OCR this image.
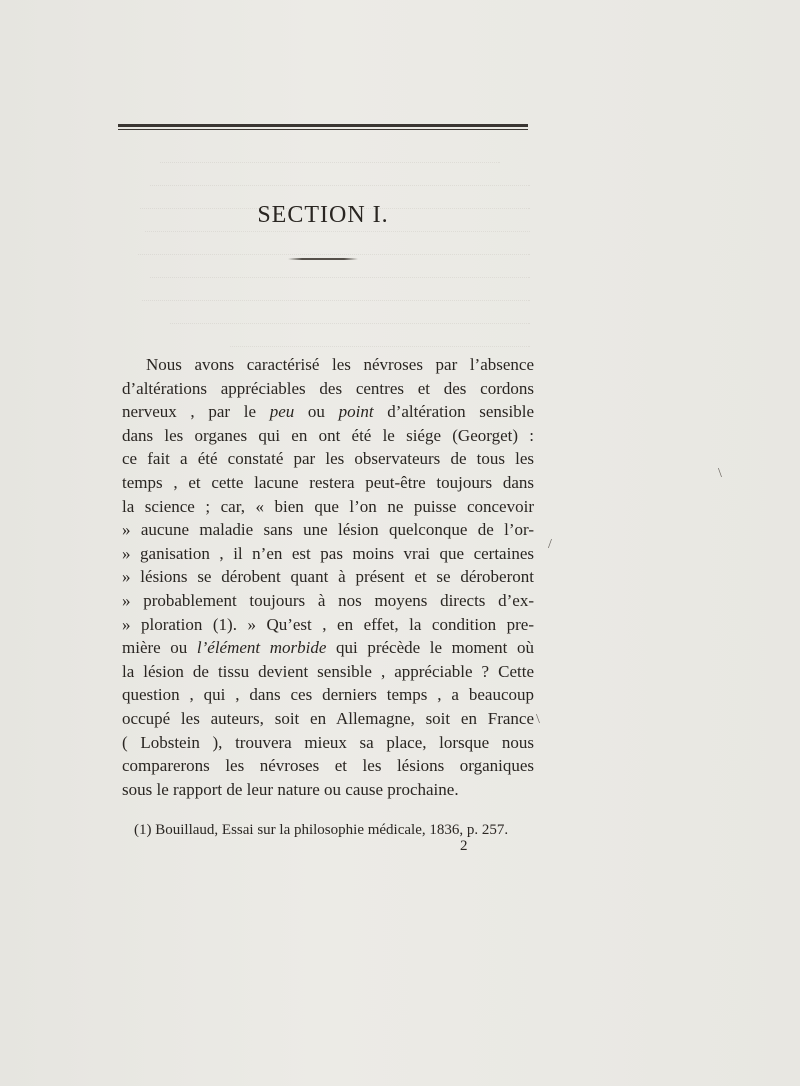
SECTION I.
Nous avons caractérisé les névroses par l’absence
d’altérations appréciables des centres et des cordons
nerveux , par le peu ou point d’altération sensible
dans les organes qui en ont été le siége (Georget) :
ce fait a été constaté par les observateurs de tous les
temps , et cette lacune restera peut-être toujours dans
la science ; car, « bien que l’on ne puisse concevoir
» aucune maladie sans une lésion quelconque de l’or-
» ganisation , il n’en est pas moins vrai que certaines
» lésions se dérobent quant à présent et se déroberont
» probablement toujours à nos moyens directs d’ex-
» ploration (1). » Qu’est , en effet, la condition pre-
mière ou l’élément morbide qui précède le moment où
la lésion de tissu devient sensible , appréciable ? Cette
question , qui , dans ces derniers temps , a beaucoup
occupé les auteurs, soit en Allemagne, soit en France
( Lobstein ), trouvera mieux sa place, lorsque nous
comparerons les névroses et les lésions organiques
sous le rapport de leur nature ou cause prochaine.
(1) Bouillaud, Essai sur la philosophie médicale, 1836, p. 257.
2
\
/
\
